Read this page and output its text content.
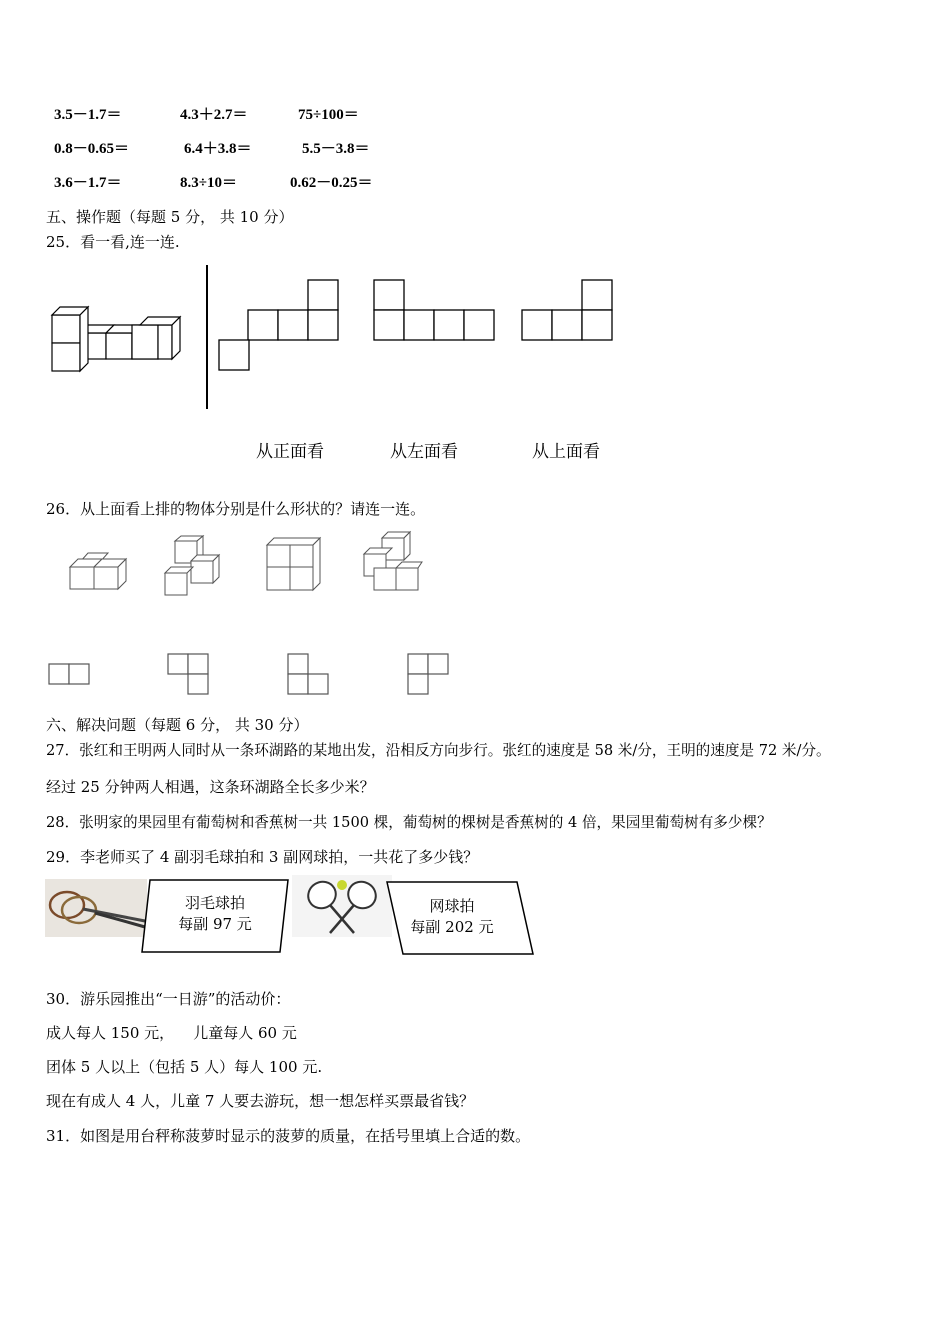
3.5－1.7＝	4.3＋2.7＝	75÷100＝
0.8－0.65＝	6.4＋3.8＝	5.5－3.8＝
3.6－1.7＝	8.3÷10＝	0.62－0.25＝
五、操作题（每题 5 分， 共 10 分）
25．看一看,连一连.
从正面看	从左面看	从上面看
26．从上面看上排的物体分别是什么形状的？请连一连。
六、解决问题（每题 6 分， 共 30 分）
27．张红和王明两人同时从一条环湖路的某地出发，沿相反方向步行。张红的速度是 58 米/分，王明的速度是 72 米/分。
经过 25 分钟两人相遇，这条环湖路全长多少米？
28．张明家的果园里有葡萄树和香蕉树一共 1500 棵，葡萄树的棵树是香蕉树的 4 倍，果园里葡萄树有多少棵？
29．李老师买了 4 副羽毛球拍和 3 副网球拍，一共花了多少钱？
羽毛球拍
每副 97 元
网球拍
每副 202 元
30．游乐园推出“一日游”的活动价：
成人每人 150 元，    儿童每人 60 元
团体 5 人以上（包括 5 人）每人 100 元.
现在有成人 4 人，儿童 7 人要去游玩，想一想怎样买票最省钱？
31．如图是用台秤称菠萝时显示的菠萝的质量，在括号里填上合适的数。
